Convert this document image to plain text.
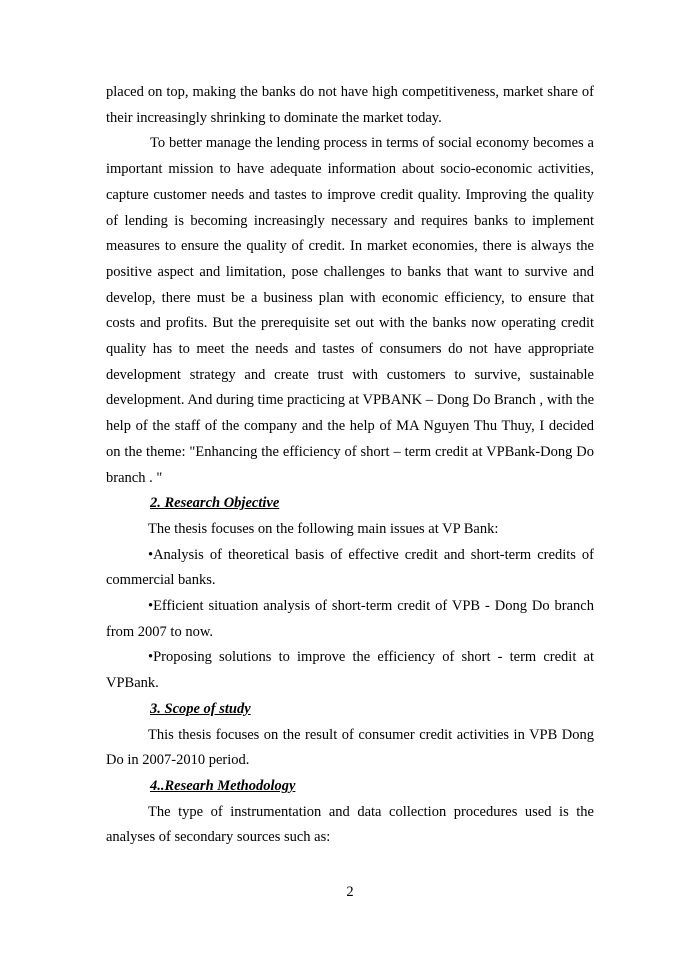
placed on top, making the banks do not have high competitiveness, market share of their increasingly shrinking to dominate the market today.

To better manage the lending process in terms of social economy becomes a important mission to have adequate information about socio-economic activities, capture customer needs and tastes to improve credit quality. Improving the quality of lending is becoming increasingly necessary and requires banks to implement measures to ensure the quality of credit. In market economies, there is always the positive aspect and limitation, pose challenges to banks that want to survive and develop, there must be a business plan with economic efficiency, to ensure that costs and profits. But the prerequisite set out with the banks now operating credit quality has to meet the needs and tastes of consumers do not have appropriate development strategy and create trust with customers to survive, sustainable development. And during time practicing at VPBANK – Dong Do Branch , with the help of the staff of the company and the help of MA Nguyen Thu Thuy, I decided on the theme: "Enhancing the efficiency of short – term credit at VPBank-Dong Do branch . "

2. Research Objective

The thesis focuses on the following main issues at VP Bank:

•Analysis of theoretical basis of effective credit and short-term credits of commercial banks.

•Efficient situation analysis of short-term credit of VPB - Dong Do branch from 2007 to now.

•Proposing solutions to improve the efficiency of short - term credit at VPBank.

3. Scope of study

This thesis focuses on the result of consumer credit activities in VPB Dong Do in 2007-2010 period.

4..Researh Methodology

The type of instrumentation and data collection procedures used is the analyses of secondary sources such as:

2
